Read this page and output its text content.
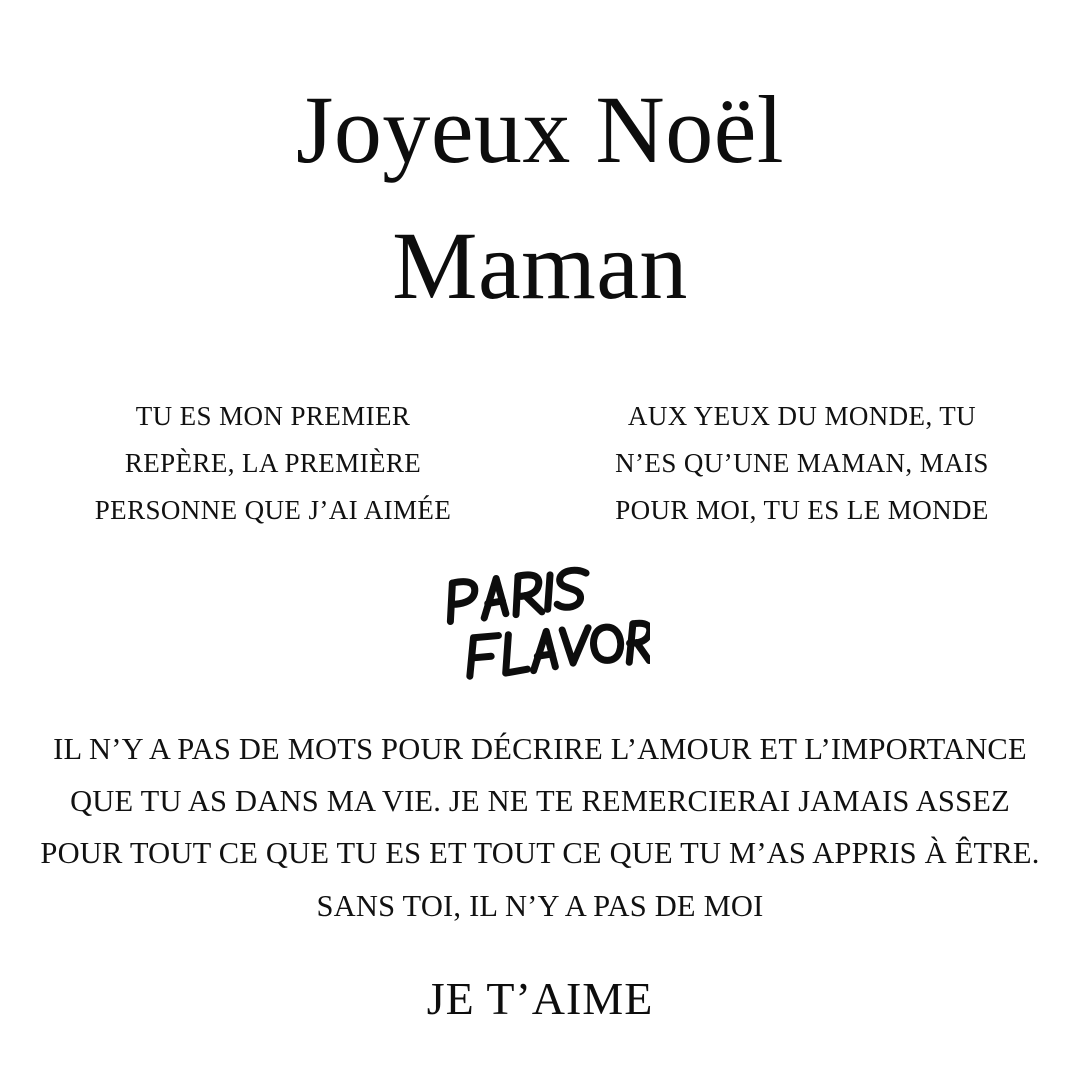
Joyeux Noël
Maman
TU ES MON PREMIER REPÈRE, LA PREMIÈRE PERSONNE QUE J’AI AIMÉE
AUX YEUX DU MONDE, TU N’ES QU’UNE MAMAN, MAIS POUR MOI, TU ES LE MONDE
IL N’Y A PAS DE MOTS POUR DÉCRIRE L’AMOUR ET L’IMPORTANCE QUE TU AS DANS MA VIE. JE NE TE REMERCIERAI JAMAIS ASSEZ POUR TOUT CE QUE TU ES ET TOUT CE QUE TU M’AS APPRIS À ÊTRE. SANS TOI, IL N’Y A PAS DE MOI
JE T’AIME
